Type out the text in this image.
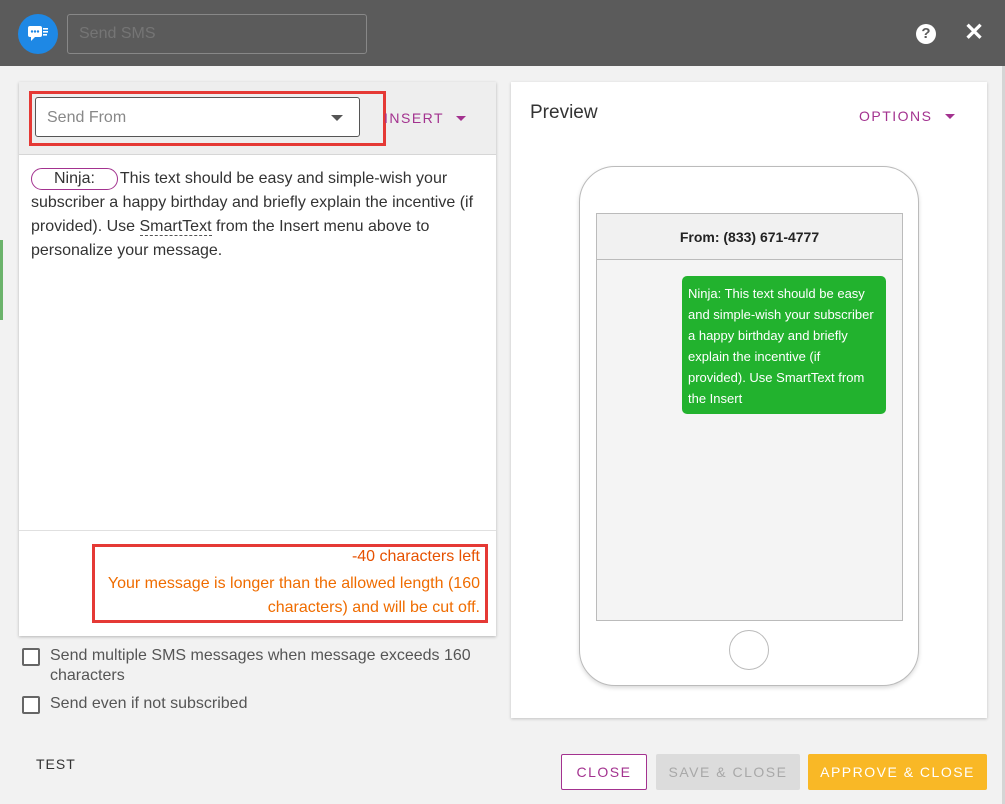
Send SMS
? ✕
Send From	INSERT
Ninja: This text should be easy and simple-wish your subscriber a happy birthday and briefly explain the incentive (if provided). Use SmartText from the Insert menu above to personalize your message.
-40 characters left
Your message is longer than the allowed length (160 characters) and will be cut off.
Send multiple SMS messages when message exceeds 160 characters
Send even if not subscribed
TEST
Preview	OPTIONS
From: (833) 671-4777
Ninja: This text should be easy and simple-wish your subscriber a happy birthday and briefly explain the incentive (if provided). Use SmartText from the Insert
CLOSE	SAVE & CLOSE	APPROVE & CLOSE
